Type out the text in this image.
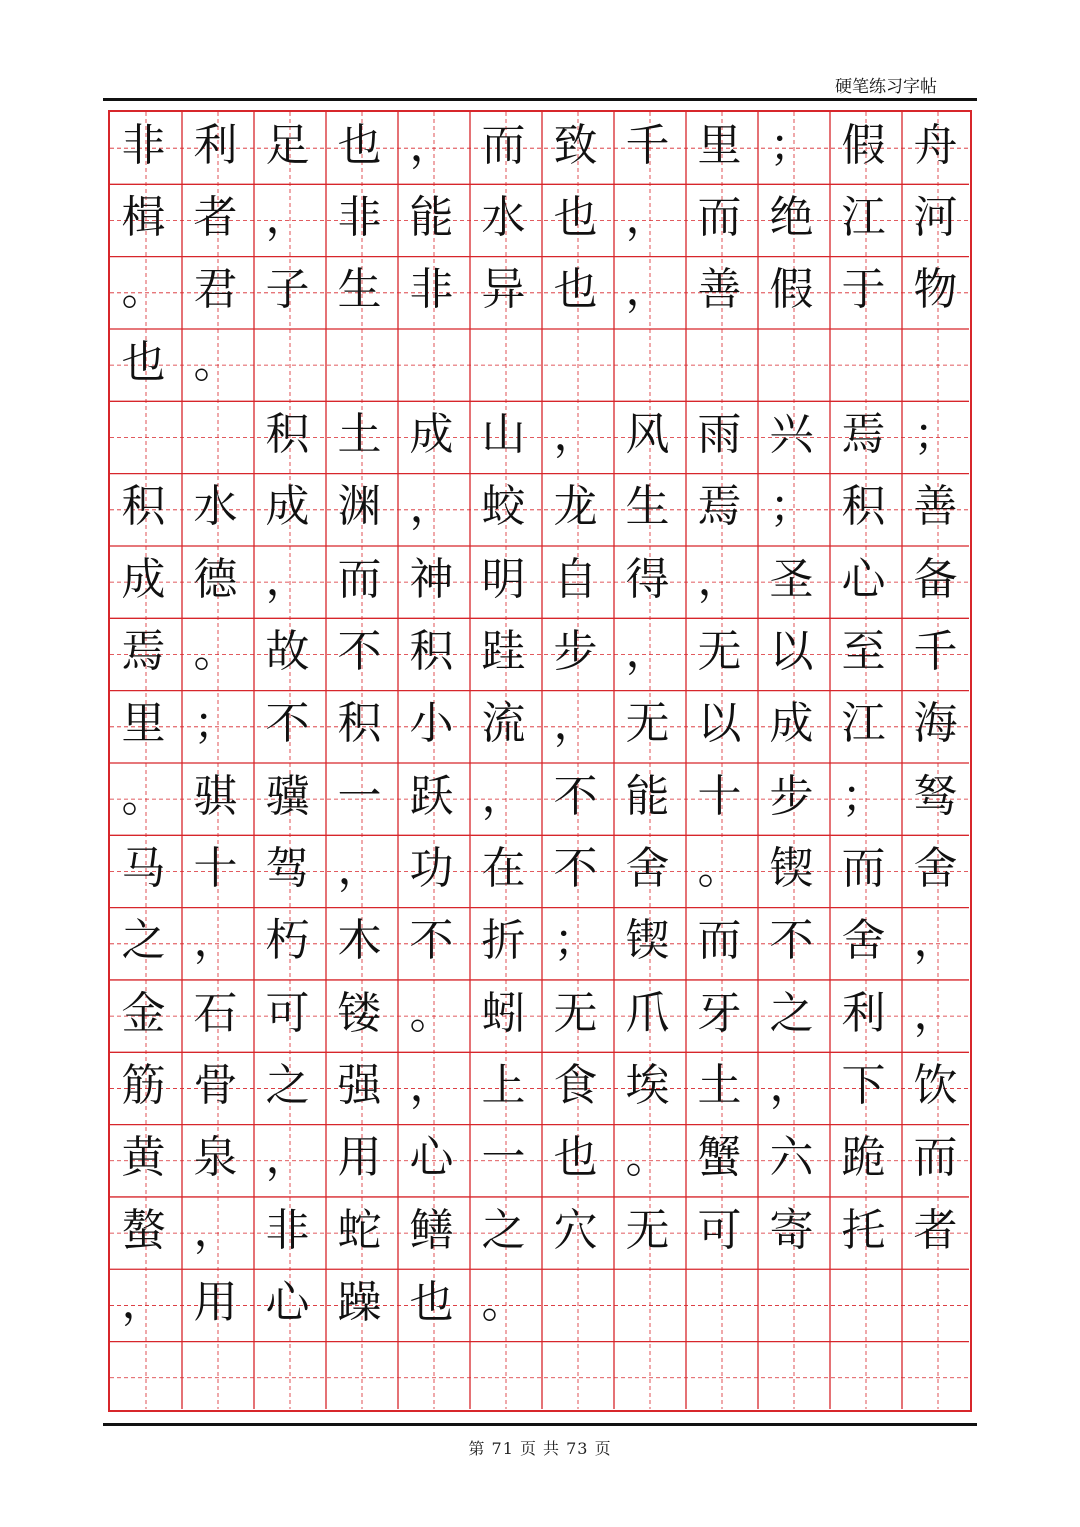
硬笔练习字帖
非 利 足 也 ， 而 致 千 里 ； 假 舟
楫 者 ， 非 能 水 也 ， 而 绝 江 河
。 君 子 生 非 异 也 ， 善 假 于 物
也 。

积 土 成 山 ， 风 雨 兴 焉 ；
积 水 成 渊 ， 蛟 龙 生 焉 ； 积 善
成 德 ， 而 神 明 自 得 ， 圣 心 备
焉 。 故 不 积 跬 步 ， 无 以 至 千
里 ； 不 积 小 流 ， 无 以 成 江 海
。 骐 骥 一 跃 ， 不 能 十 步 ； 驽
马 十 驾 ， 功 在 不 舍 。 锲 而 舍
之 ， 朽 木 不 折 ； 锲 而 不 舍 ，
金 石 可 镂 。 蚓 无 爪 牙 之 利 ，
筋 骨 之 强 ， 上 食 埃 土 ， 下 饮
黄 泉 ， 用 心 一 也 。 蟹 六 跪 而
螯 ， 非 蛇 鳝 之 穴 无 可 寄 托 者
， 用 心 躁 也 。
第 71 页 共 73 页
